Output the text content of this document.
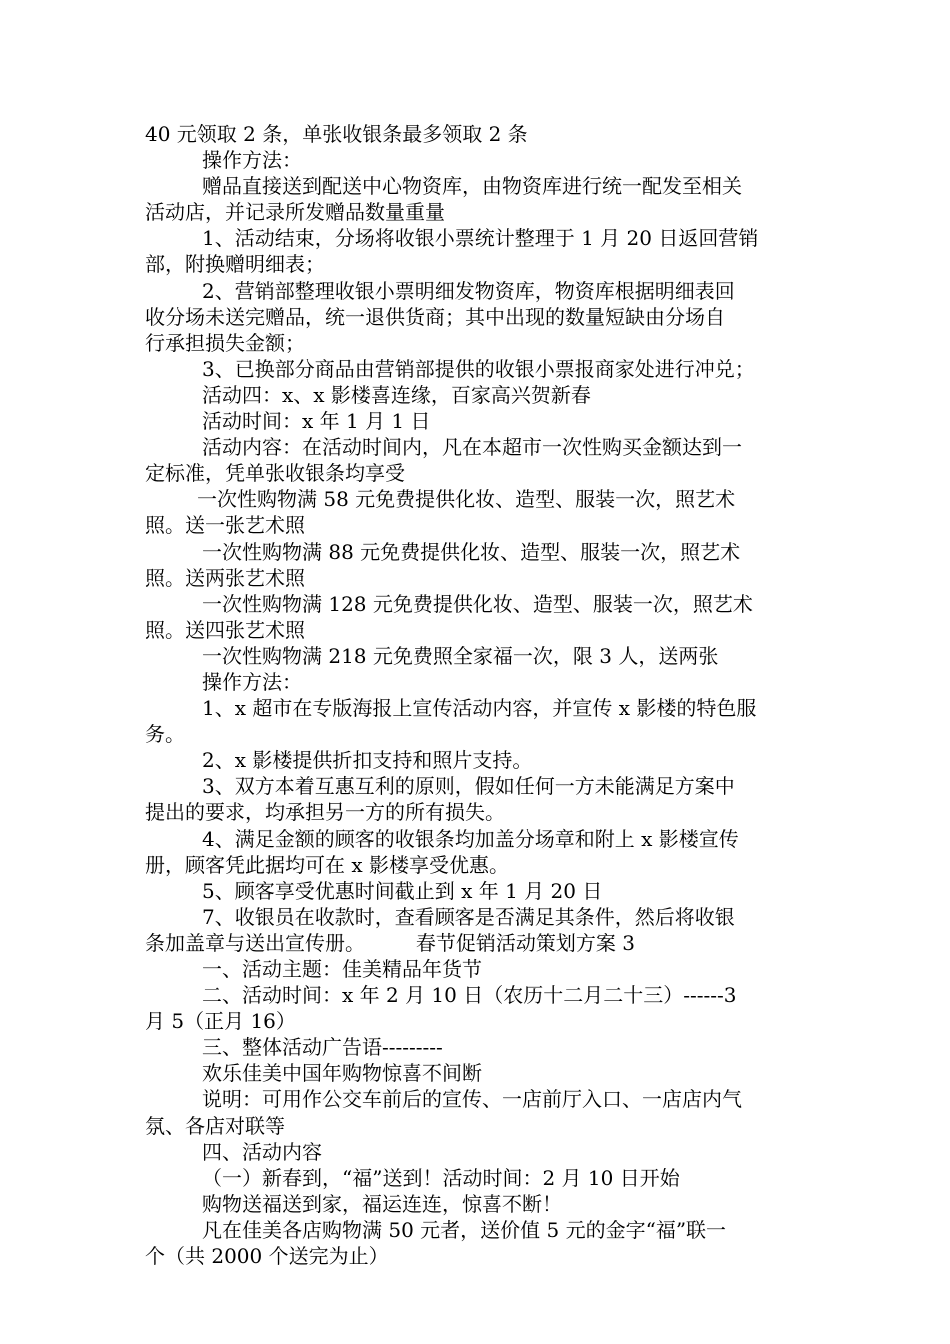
40 元领取 2 条，单张收银条最多领取 2 条
操作方法：
赠品直接送到配送中心物资库，由物资库进行统一配发至相关
活动店，并记录所发赠品数量重量
1、活动结束，分场将收银小票统计整理于 1 月 20 日返回营销
部，附换赠明细表；
2、营销部整理收银小票明细发物资库，物资库根据明细表回
收分场未送完赠品，统一退供货商；其中出现的数量短缺由分场自
行承担损失金额；
3、已换部分商品由营销部提供的收银小票报商家处进行冲兑；
活动四：x、x 影楼喜连缘，百家高兴贺新春
活动时间：x 年 1 月 1 日
活动内容：在活动时间内，凡在本超市一次性购买金额达到一
定标准，凭单张收银条均享受
一次性购物满 58 元免费提供化妆、造型、服装一次，照艺术
照。送一张艺术照
一次性购物满 88 元免费提供化妆、造型、服装一次，照艺术
照。送两张艺术照
一次性购物满 128 元免费提供化妆、造型、服装一次，照艺术
照。送四张艺术照
一次性购物满 218 元免费照全家福一次，限 3 人，送两张
操作方法：
1、x 超市在专版海报上宣传活动内容，并宣传 x 影楼的特色服
务。
2、x 影楼提供折扣支持和照片支持。
3、双方本着互惠互利的原则，假如任何一方未能满足方案中
提出的要求，均承担另一方的所有损失。
4、满足金额的顾客的收银条均加盖分场章和附上 x 影楼宣传
册，顾客凭此据均可在 x 影楼享受优惠。
5、顾客享受优惠时间截止到 x 年 1 月 20 日
7、收银员在收款时，查看顾客是否满足其条件，然后将收银
条加盖章与送出宣传册。        春节促销活动策划方案 3
一、活动主题：佳美精品年货节
二、活动时间：x 年 2 月 10 日（农历十二月二十三）------3
月 5（正月 16）
三、整体活动广告语---------
欢乐佳美中国年购物惊喜不间断
说明：可用作公交车前后的宣传、一店前厅入口、一店店内气
氛、各店对联等
四、活动内容
（一）新春到，“福”送到！活动时间：2 月 10 日开始
购物送福送到家，福运连连，惊喜不断！
凡在佳美各店购物满 50 元者，送价值 5 元的金字“福”联一
个（共 2000 个送完为止）
